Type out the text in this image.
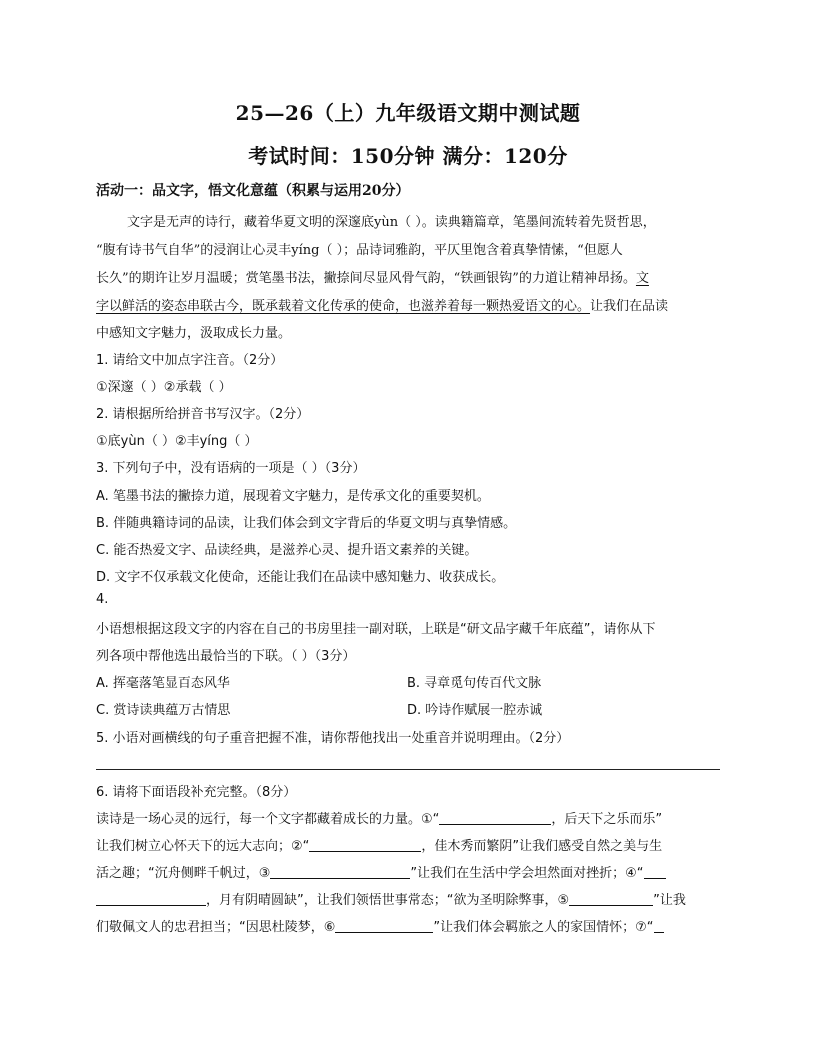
25—26（上）九年级语文期中测试题
考试时间：150分钟 满分：120分
活动一：品文字，悟文化意蕴（积累与运用20分）
文字是无声的诗行，藏着华夏文明的深邃底yùn（ ）。读典籍篇章，笔墨间流转着先贤哲思，
“腹有诗书气自华”的浸润让心灵丰yíng（ ）；品诗词雅韵，平仄里饱含着真挚情愫，“但愿人
长久”的期许让岁月温暖；赏笔墨书法，撇捺间尽显风骨气韵，“铁画银钩”的力道让精神昂扬。文
字以鲜活的姿态串联古今，既承载着文化传承的使命，也滋养着每一颗热爱语文的心。让我们在品读
中感知文字魅力，汲取成长力量。
1. 请给文中加点字注音。（2分）
①深邃（ ）②承载（ ）
2. 请根据所给拼音书写汉字。（2分）
①底yùn（ ）②丰yíng（ ）
3. 下列句子中，没有语病的一项是（ ）（3分）
A. 笔墨书法的撇捺力道，展现着文字魅力，是传承文化的重要契机。
B. 伴随典籍诗词的品读，让我们体会到文字背后的华夏文明与真挚情感。
C. 能否热爱文字、品读经典，是滋养心灵、提升语文素养的关键。
D. 文字不仅承载文化使命，还能让我们在品读中感知魅力、收获成长。
4.
小语想根据这段文字的内容在自己的书房里挂一副对联，上联是“研文品字藏千年底蕴”，请你从下
列各项中帮他选出最恰当的下联。（ ）（3分）
A. 挥毫落笔显百态风华	B. 寻章觅句传百代文脉
C. 赏诗读典蕴万古情思	D. 吟诗作赋展一腔赤诚
5. 小语对画横线的句子重音把握不准，请你帮他找出一处重音并说明理由。（2分）
6. 请将下面语段补充完整。（8分）
读诗是一场心灵的远行，每一个文字都藏着成长的力量。①“	，后天下之乐而乐”
让我们树立心怀天下的远大志向；②“	，佳木秀而繁阴”让我们感受自然之美与生
活之趣；“沉舟侧畔千帆过，③	”让我们在生活中学会坦然面对挫折；④“
，月有阴晴圆缺”，让我们领悟世事常态；“欲为圣明除弊事，⑤	”让我
们敬佩文人的忠君担当；“因思杜陵梦，⑥	”让我们体会羁旅之人的家国情怀；⑦“
